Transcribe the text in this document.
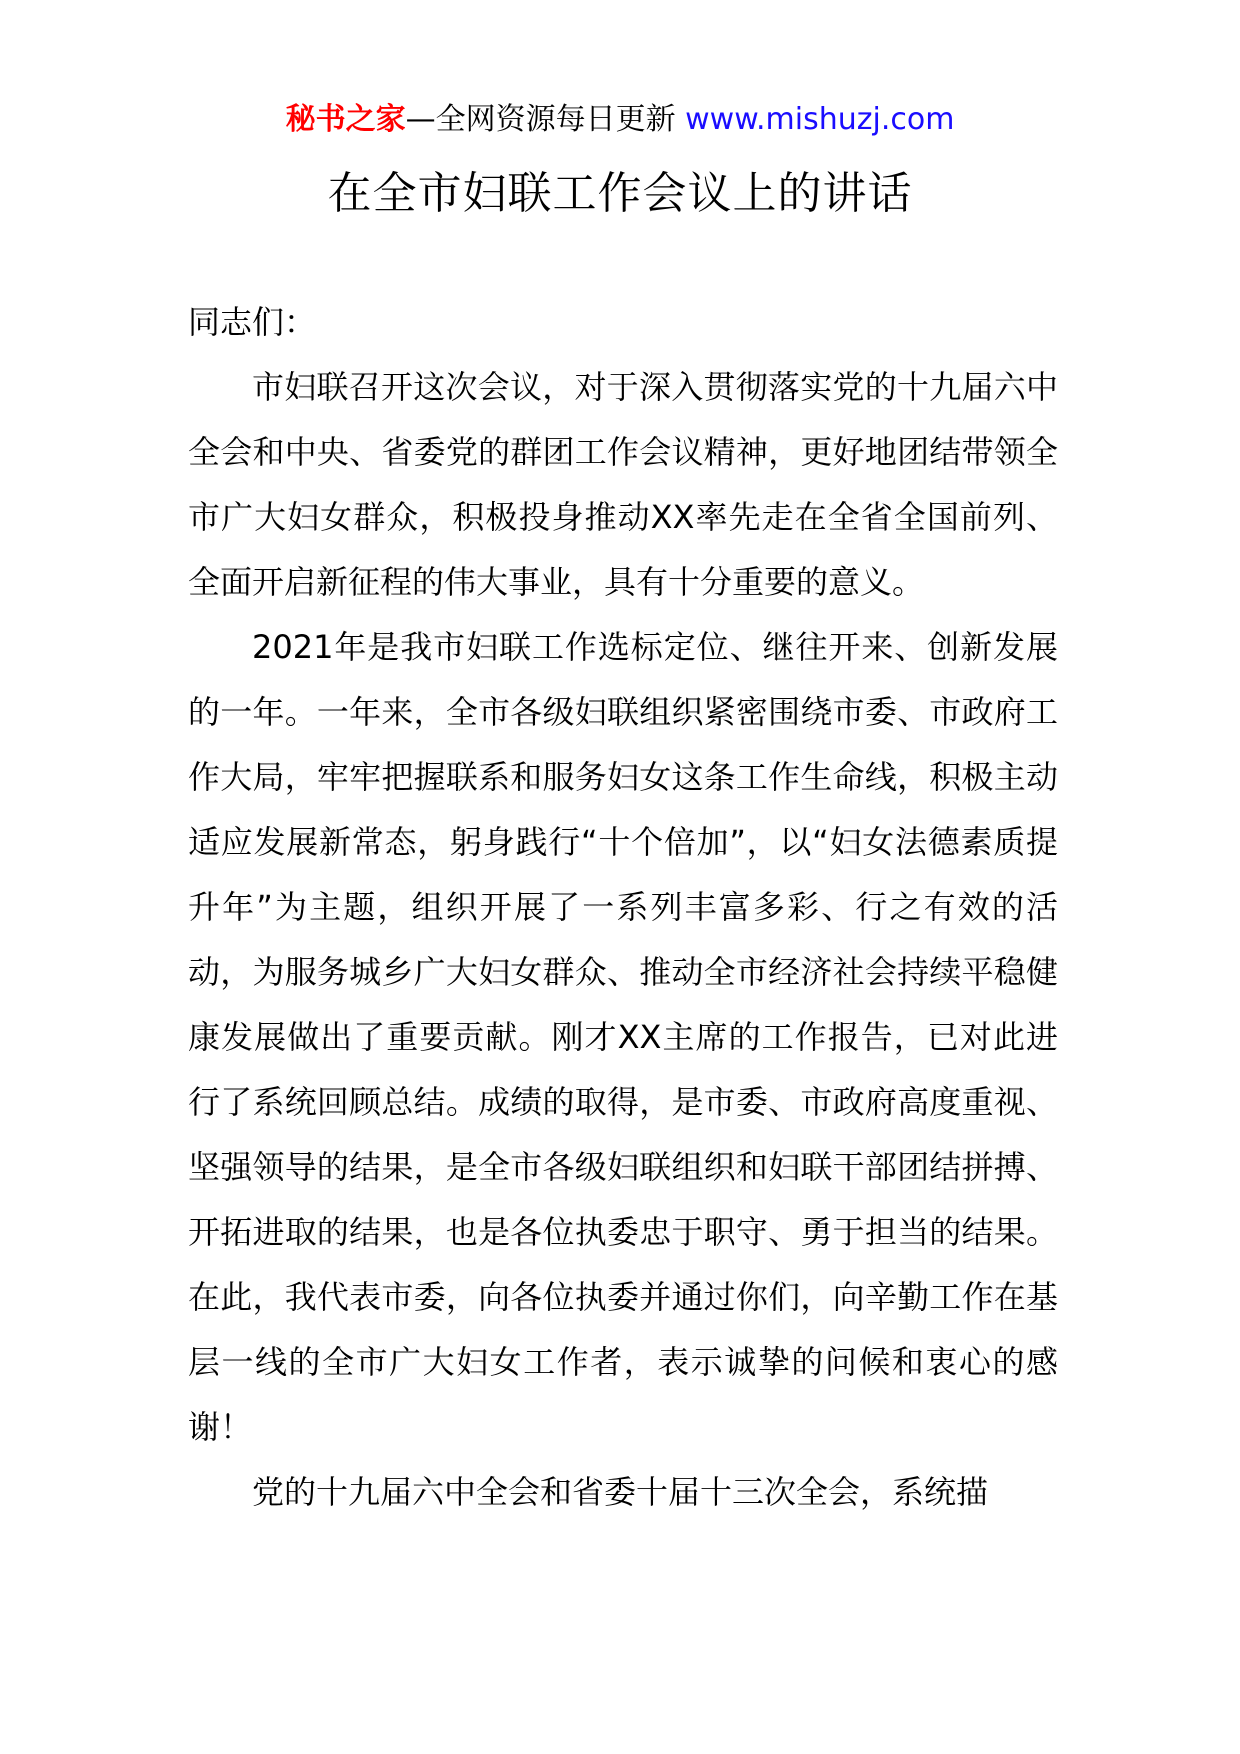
秘书之家—全网资源每日更新 www.mishuzj.com
在全市妇联工作会议上的讲话

同志们：

市妇联召开这次会议，对于深入贯彻落实党的十九届六中全会和中央、省委党的群团工作会议精神，更好地团结带领全市广大妇女群众，积极投身推动XX率先走在全省全国前列、全面开启新征程的伟大事业，具有十分重要的意义。

2021年是我市妇联工作选标定位、继往开来、创新发展的一年。一年来，全市各级妇联组织紧密围绕市委、市政府工作大局，牢牢把握联系和服务妇女这条工作生命线，积极主动适应发展新常态，躬身践行“十个倍加”，以“妇女法德素质提升年”为主题，组织开展了一系列丰富多彩、行之有效的活动，为服务城乡广大妇女群众、推动全市经济社会持续平稳健康发展做出了重要贡献。刚才XX主席的工作报告，已对此进行了系统回顾总结。成绩的取得，是市委、市政府高度重视、坚强领导的结果，是全市各级妇联组织和妇联干部团结拼搏、开拓进取的结果，也是各位执委忠于职守、勇于担当的结果。在此，我代表市委，向各位执委并通过你们，向辛勤工作在基层一线的全市广大妇女工作者，表示诚挚的问候和衷心的感谢！

党的十九届六中全会和省委十届十三次全会，系统描
